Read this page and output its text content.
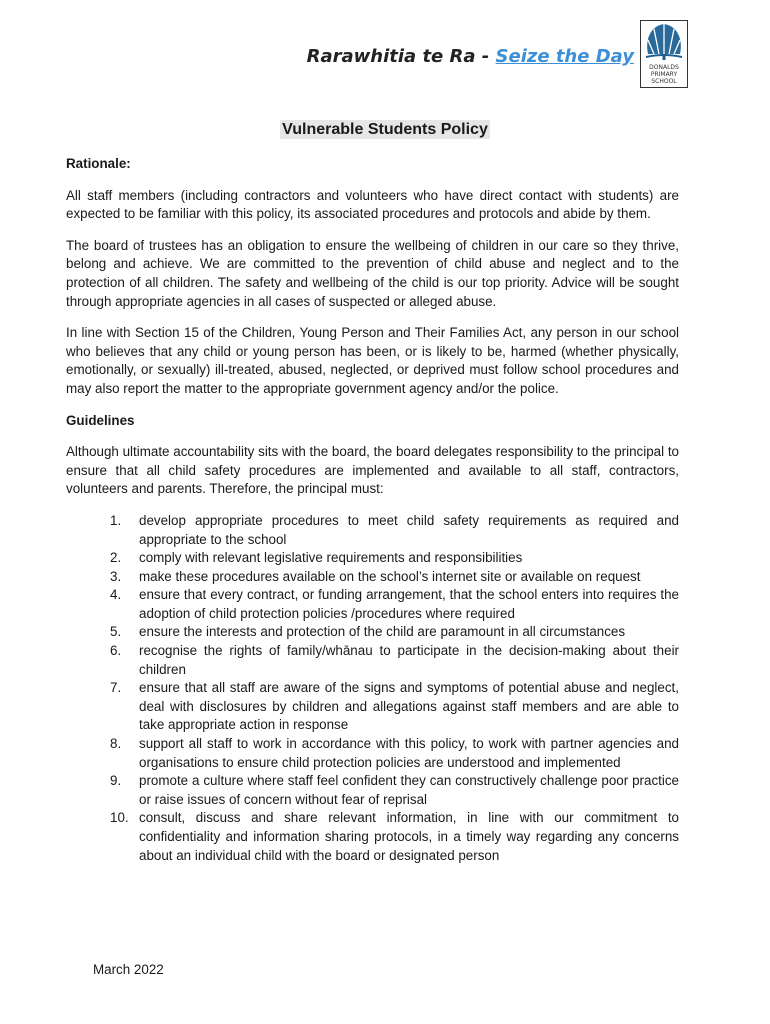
Rarawhitia te Ra - Seize the Day
DONALDS
PRIMARY
SCHOOL
Vulnerable Students Policy
Rationale:

All staff members (including contractors and volunteers who have direct contact with students) are expected to be familiar with this policy, its associated procedures and protocols and abide by them.

The board of trustees has an obligation to ensure the wellbeing of children in our care so they thrive, belong and achieve. We are committed to the prevention of child abuse and neglect and to the protection of all children. The safety and wellbeing of the child is our top priority. Advice will be sought through appropriate agencies in all cases of suspected or alleged abuse.

In line with Section 15 of the Children, Young Person and Their Families Act, any person in our school who believes that any child or young person has been, or is likely to be, harmed (whether physically, emotionally, or sexually) ill-treated, abused, neglected, or deprived must follow school procedures and may also report the matter to the appropriate government agency and/or the police.

Guidelines

Although ultimate accountability sits with the board, the board delegates responsibility to the principal to ensure that all child safety procedures are implemented and available to all staff, contractors, volunteers and parents. Therefore, the principal must:

1.	develop appropriate procedures to meet child safety requirements as required and appropriate to the school
2.	comply with relevant legislative requirements and responsibilities
3.	make these procedures available on the school’s internet site or available on request
4.	ensure that every contract, or funding arrangement, that the school enters into requires the adoption of child protection policies /procedures where required
5.	ensure the interests and protection of the child are paramount in all circumstances
6.	recognise the rights of family/whānau to participate in the decision-making about their children
7.	ensure that all staff are aware of the signs and symptoms of potential abuse and neglect, deal with disclosures by children and allegations against staff members and are able to take appropriate action in response
8.	support all staff to work in accordance with this policy, to work with partner agencies and organisations to ensure child protection policies are understood and implemented
9.	promote a culture where staff feel confident they can constructively challenge poor practice or raise issues of concern without fear of reprisal
10. consult, discuss and share relevant information, in line with our commitment to confidentiality and information sharing protocols, in a timely way regarding any concerns about an individual child with the board or designated person
March 2022
